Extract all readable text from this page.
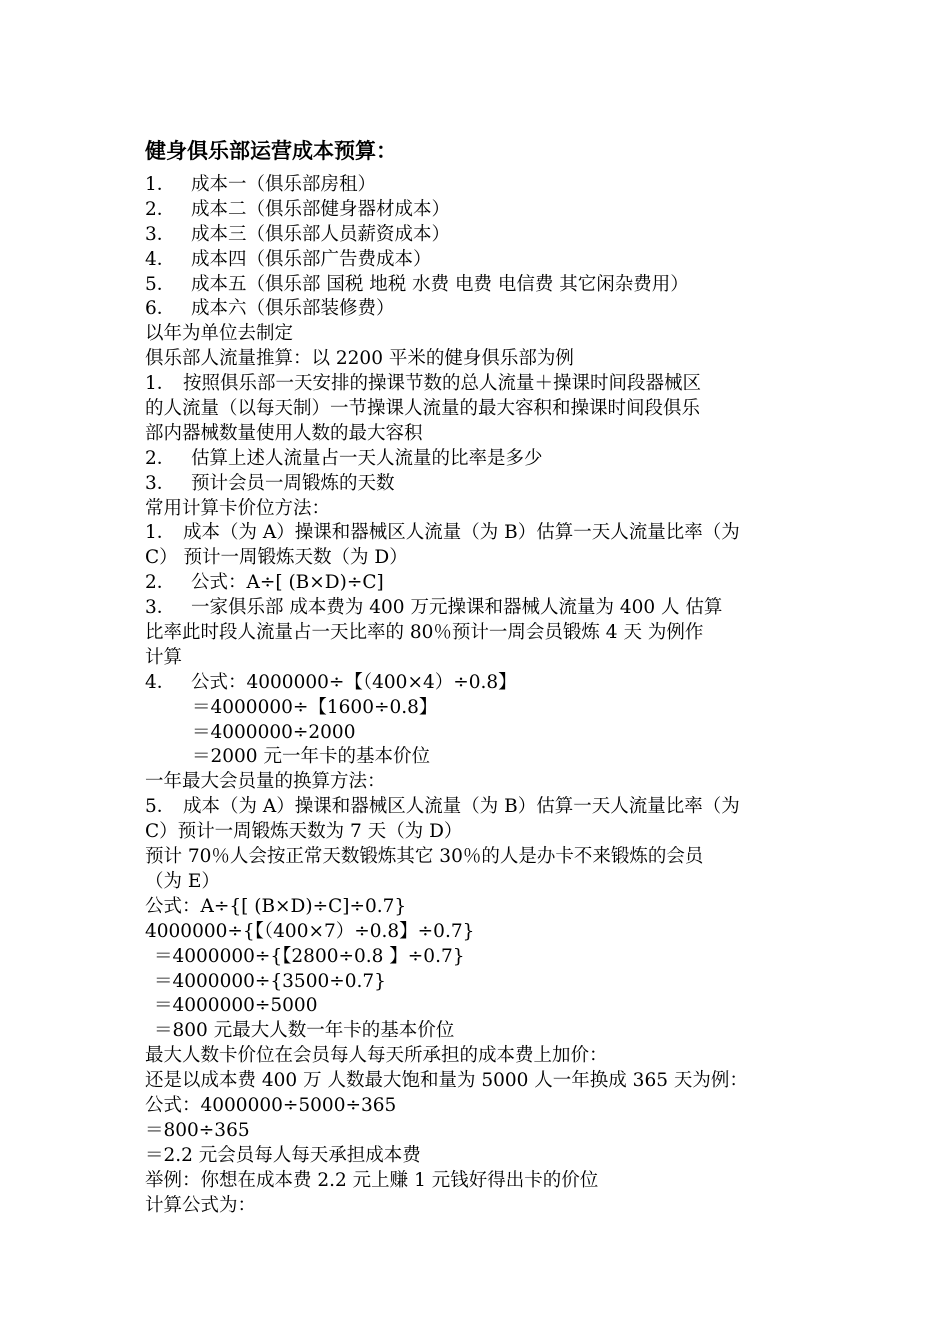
健身俱乐部运营成本预算：
1． 成本一（俱乐部房租）
2． 成本二（俱乐部健身器材成本）
3． 成本三（俱乐部人员薪资成本）
4． 成本四（俱乐部广告费成本）
5． 成本五（俱乐部 国税 地税 水费 电费 电信费 其它闲杂费用）
6． 成本六（俱乐部装修费）
以年为单位去制定
俱乐部人流量推算：以 2200 平米的健身俱乐部为例
1． 按照俱乐部一天安排的操课节数的总人流量＋操课时间段器械区
的人流量（以每天制）一节操课人流量的最大容积和操课时间段俱乐
部内器械数量使用人数的最大容积
2． 估算上述人流量占一天人流量的比率是多少
3． 预计会员一周锻炼的天数
常用计算卡价位方法：
1． 成本（为 A）操课和器械区人流量（为 B）估算一天人流量比率（为
C） 预计一周锻炼天数（为 D）
2． 公式：A÷[ (B×D)÷C]
3． 一家俱乐部 成本费为 400 万元操课和器械人流量为 400 人 估算
比率此时段人流量占一天比率的 80％预计一周会员锻炼 4 天 为例作
计算
4． 公式：4000000÷【（400×4）÷0.8】
＝4000000÷【1600÷0.8】
＝4000000÷2000
＝2000 元一年卡的基本价位
一年最大会员量的换算方法：
5． 成本（为 A）操课和器械区人流量（为 B）估算一天人流量比率（为
C）预计一周锻炼天数为 7 天（为 D）
预计 70％人会按正常天数锻炼其它 30％的人是办卡不来锻炼的会员
（为 E）
公式：A÷{[ (B×D)÷C]÷0.7}
4000000÷{【（400×7）÷0.8】÷0.7}
＝4000000÷{【2800÷0.8 】÷0.7}
＝4000000÷{3500÷0.7}
＝4000000÷5000
＝800 元最大人数一年卡的基本价位
最大人数卡价位在会员每人每天所承担的成本费上加价：
还是以成本费 400 万 人数最大饱和量为 5000 人一年换成 365 天为例：
公式：4000000÷5000÷365
＝800÷365
＝2.2 元会员每人每天承担成本费
举例：你想在成本费 2.2 元上赚 1 元钱好得出卡的价位
计算公式为：
